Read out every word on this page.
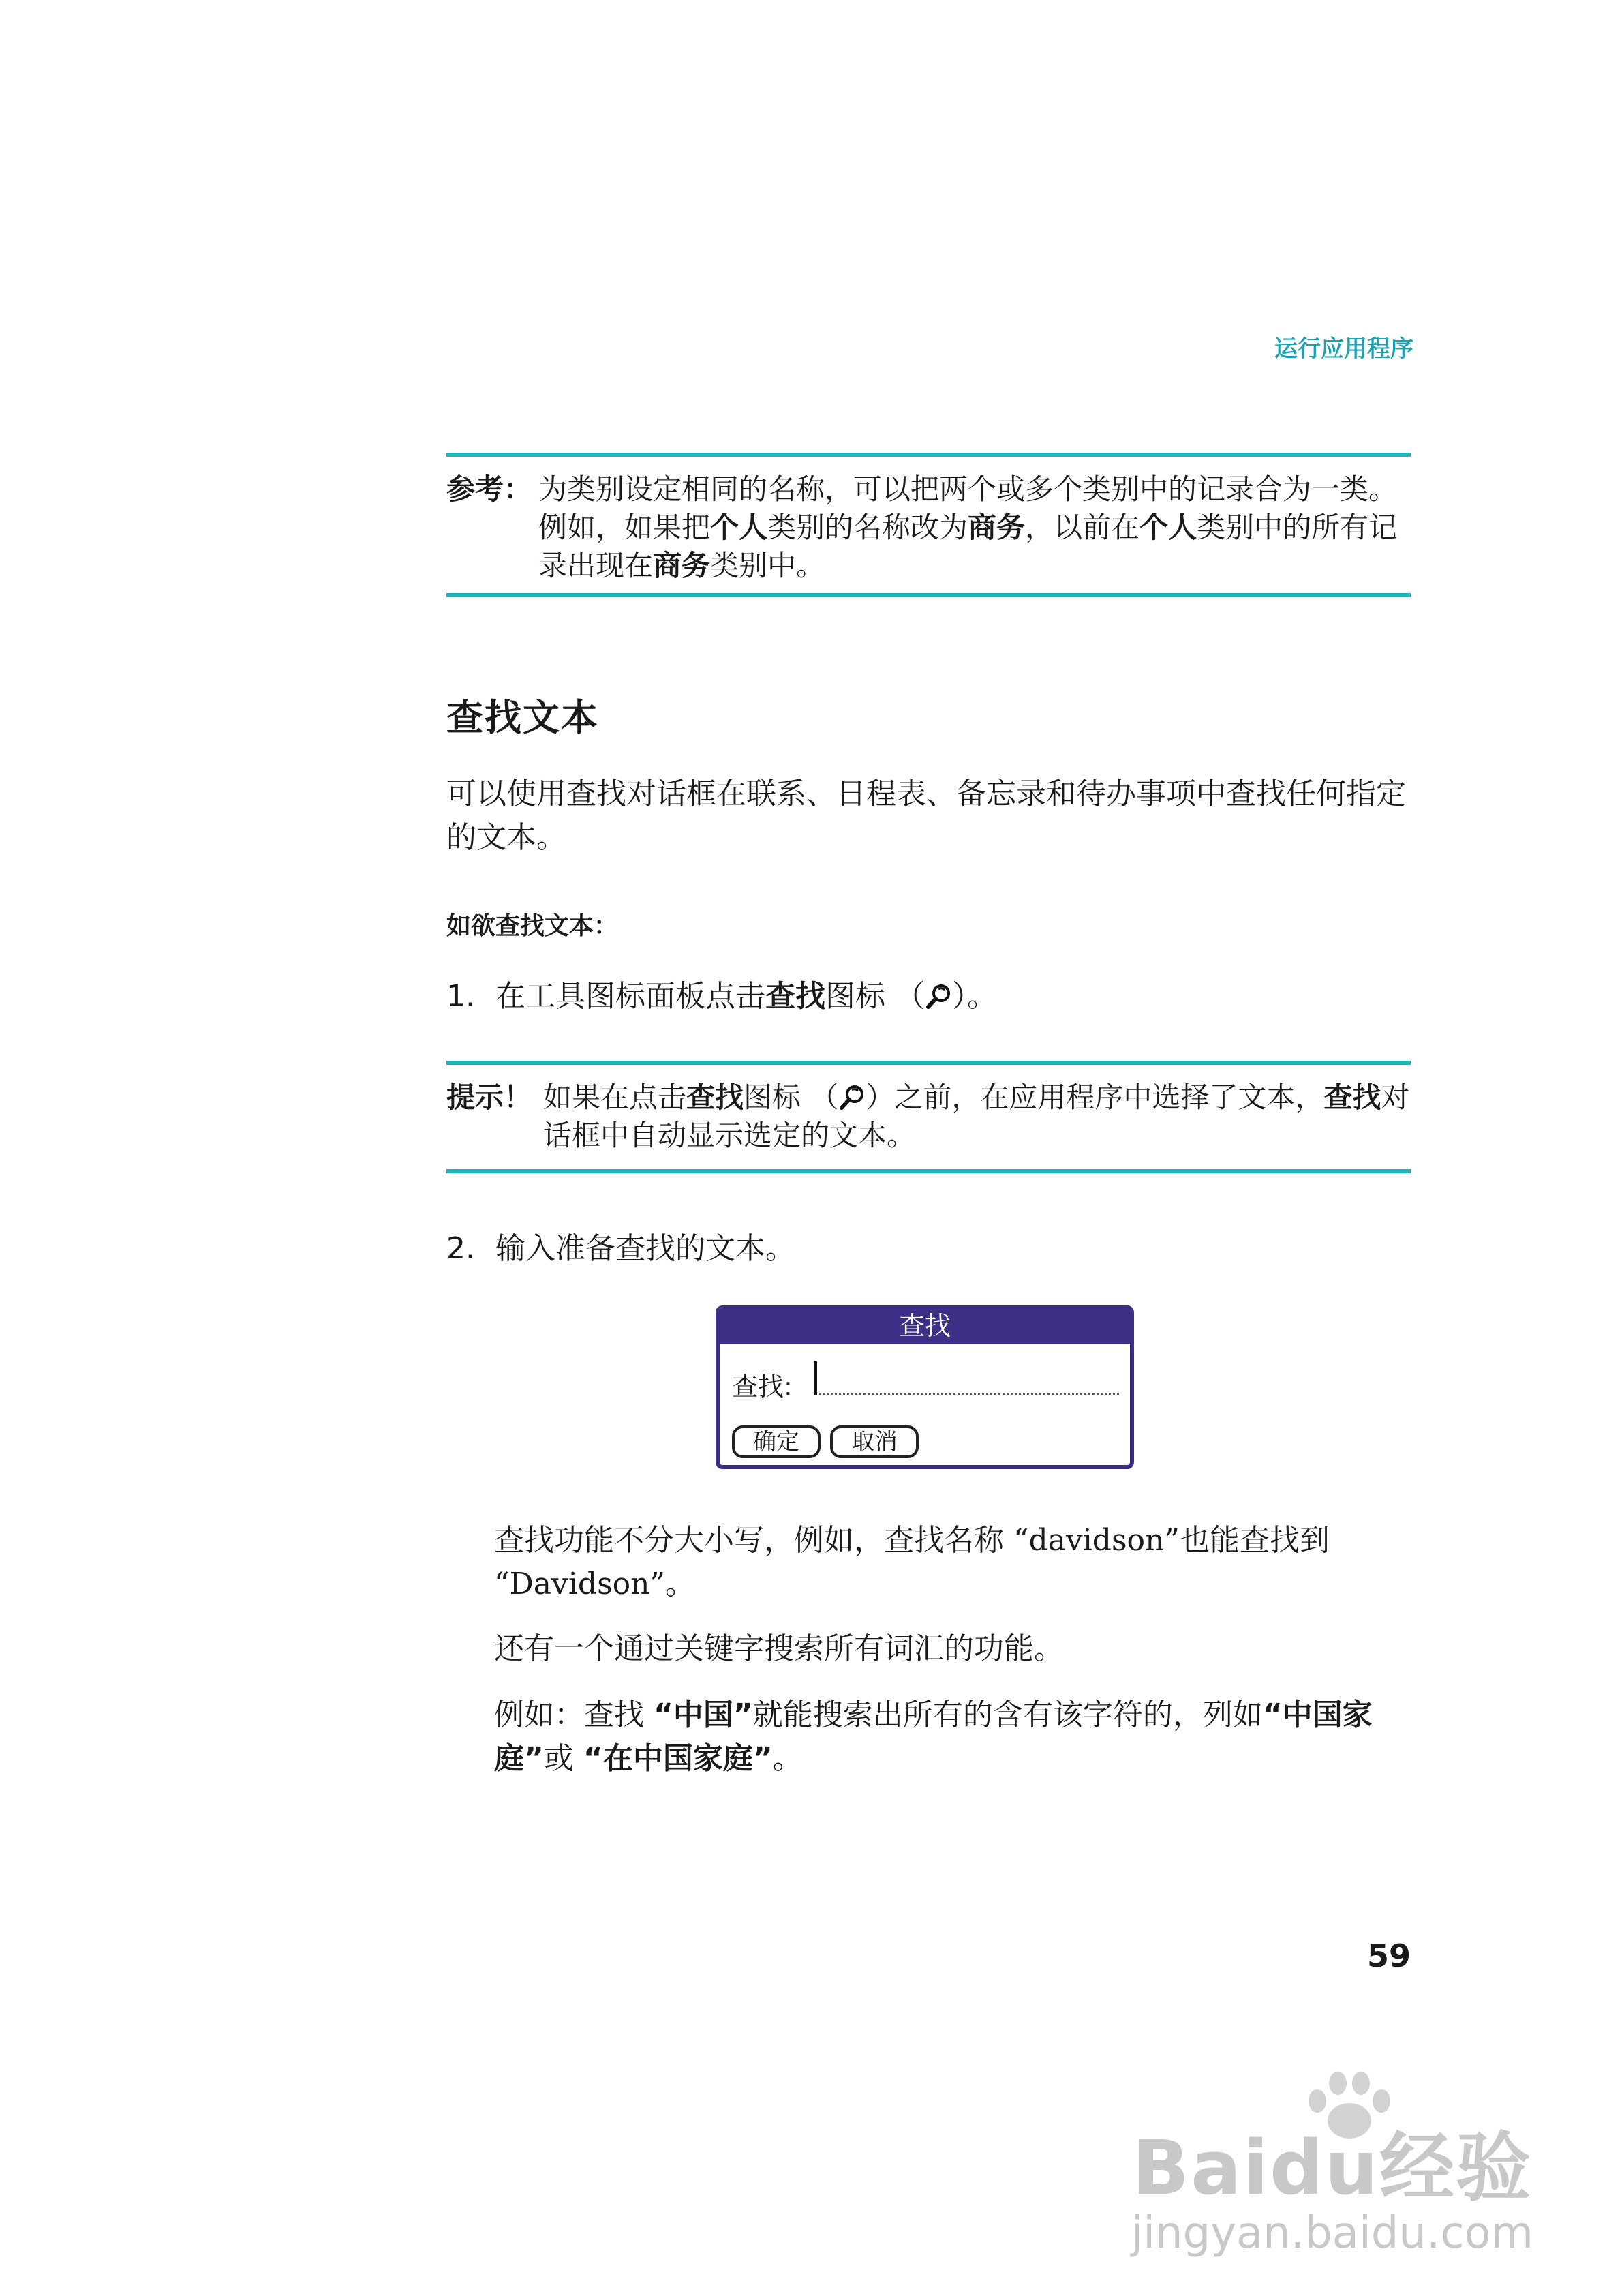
运行应用程序
参考： 为类别设定相同的名称，可以把两个或多个类别中的记录合为一类。例如，如果把个人类别的名称改为商务，以前在个人类别中的所有记录出现在商务类别中。
查找文本
可以使用查找对话框在联系、日程表、备忘录和待办事项中查找任何指定的文本。
如欲查找文本：
1. 在工具图标面板点击查找图标 （ ）。
提示！ 如果在点击查找图标 （ ）之前，在应用程序中选择了文本，查找对话框中自动显示选定的文本。
2. 输入准备查找的文本。
查找
查找:
确定	取消
查找功能不分大小写，例如，查找名称 “davidson”也能查找到 “Davidson”。
还有一个通过关键字搜索所有词汇的功能。
例如：查找 “中国”就能搜索出所有的含有该字符的，列如“中国家庭”或 “在中国家庭”。
59
Baidu经验
jingyan.baidu.com
